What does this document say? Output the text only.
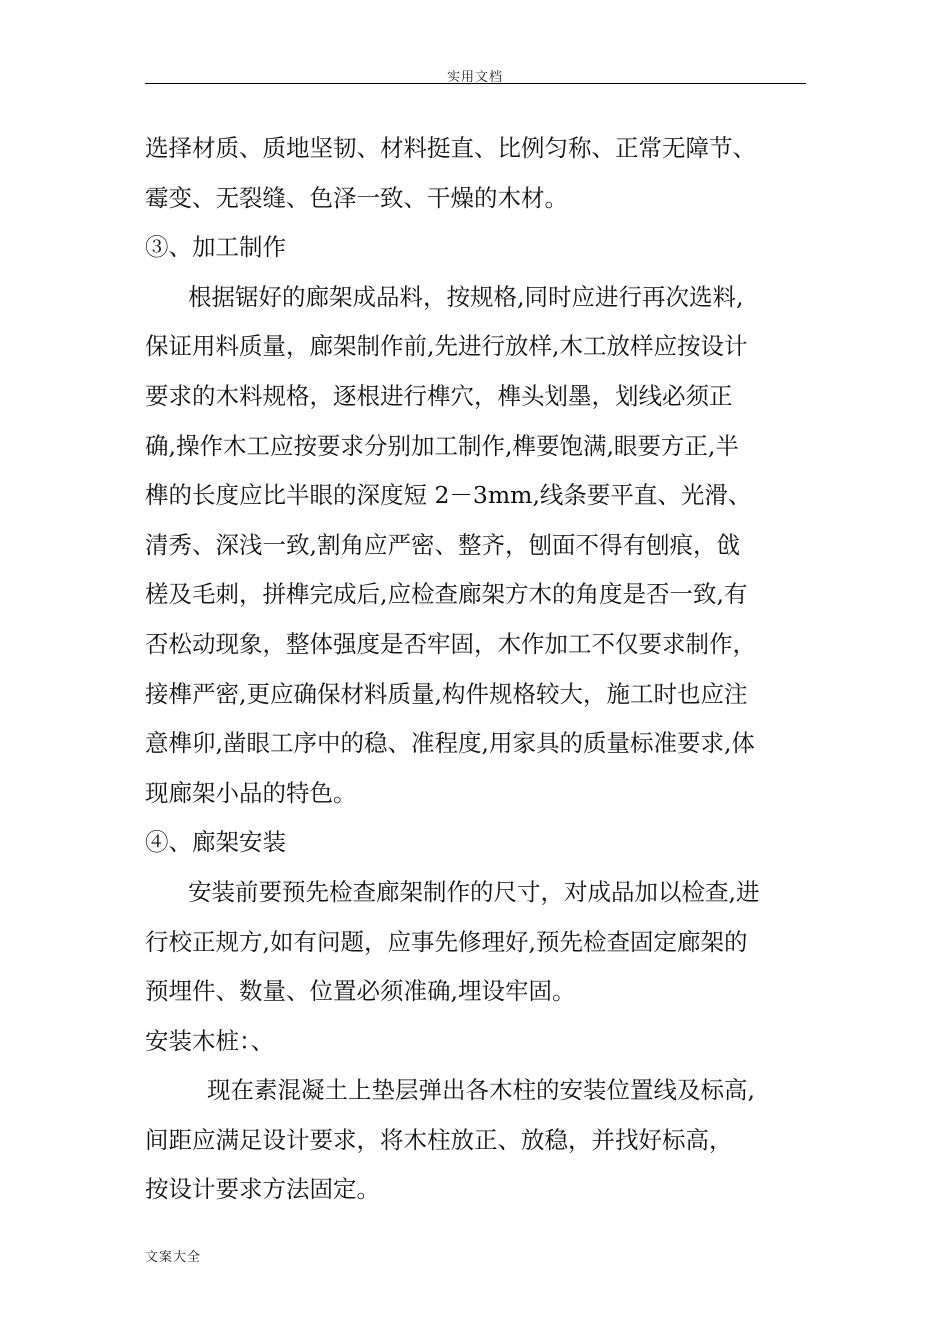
实用文档
选择材质、质地坚韧、材料挺直、比例匀称、正常无障节、
霉变、无裂缝、色泽一致、干燥的木材。
③、加工制作
根据锯好的廊架成品料，按规格,同时应进行再次选料,
保证用料质量，廊架制作前,先进行放样,木工放样应按设计
要求的木料规格，逐根进行榫穴，榫头划墨，划线必须正
确,操作木工应按要求分别加工制作,榫要饱满,眼要方正,半
榫的长度应比半眼的深度短 2－3mm,线条要平直、光滑、
清秀、深浅一致,割角应严密、整齐，刨面不得有刨痕，戗
槎及毛刺，拼榫完成后,应检查廊架方木的角度是否一致,有
否松动现象，整体强度是否牢固，木作加工不仅要求制作，
接榫严密,更应确保材料质量,构件规格较大，施工时也应注
意榫卯,凿眼工序中的稳、准程度,用家具的质量标准要求,体
现廊架小品的特色。
④、廊架安装
安装前要预先检查廊架制作的尺寸，对成品加以检查,进
行校正规方,如有问题，应事先修理好,预先检查固定廊架的
预埋件、数量、位置必须准确,埋设牢固。
安装木桩：、
现在素混凝土上垫层弹出各木柱的安装位置线及标高,
间距应满足设计要求，将木柱放正、放稳，并找好标高，
按设计要求方法固定。
文案大全
